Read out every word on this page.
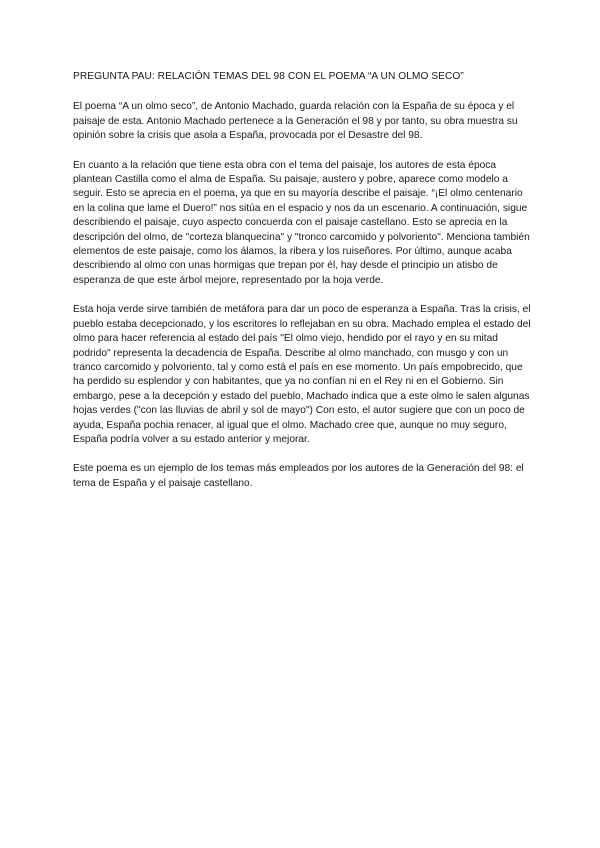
PREGUNTA PAU: RELACIÓN TEMAS DEL 98 CON EL POEMA “A UN OLMO SECO”

El poema “A un olmo seco”, de Antonio Machado, guarda relación con la España de su época y el paisaje de esta. Antonio Machado pertenece a la Generación el 98 y por tanto, su obra muestra su opinión sobre la crisis que asola a España, provocada por el Desastre del 98.

En cuanto a la relación que tiene esta obra con el tema del paisaje, los autores de esta época plantean Castilla como el alma de España. Su paisaje, austero y pobre, aparece como modelo a seguir. Esto se aprecia en el poema, ya que en su mayoría describe el paisaje. “¡El olmo centenario en la colina que lame el Duero!” nos sitúa en el espacio y nos da un escenario. A continuación, sigue describiendo el paisaje, cuyo aspecto concuerda con el paisaje castellano. Esto se aprecia en la descripción del olmo, de "corteza blanquecina" y "tronco carcomido y polvoriento". Menciona también elementos de este paisaje, como los álamos, la ribera y los ruiseñores. Por último, aunque acaba describiendo al olmo con unas hormigas que trepan por él, hay desde el principio un atisbo de esperanza de que este árbol mejore, representado por la hoja verde.

Esta hoja verde sirve también de metáfora para dar un poco de esperanza a España. Tras la crisis, el pueblo estaba decepcionado, y los escritores lo reflejaban en su obra. Machado emplea el estado del olmo para hacer referencia al estado del país "El olmo viejo, hendido por el rayo y en su mitad podrido" representa la decadencia de España. Describe al olmo manchado, con musgo y con un tranco carcomido y polvoriento, tal y como está el país en ese momento. Un país empobrecido, que ha perdido su esplendor y con habitantes, que ya no confían ni en el Rey ni en el Gobierno. Sin embargo, pese a la decepción y estado del pueblo, Machado indica que a este olmo le salen algunas hojas verdes ("con las lluvias de abril y sol de mayo") Con esto, el autor sugiere que con un poco de ayuda, España pochia renacer, al igual que el olmo. Machado cree que, aunque no muy seguro, España podría volver a su estado anterior y mejorar.

Este poema es un ejemplo de los temas más empleados por los autores de la Generación del 98: el tema de España y el paisaje castellano.
